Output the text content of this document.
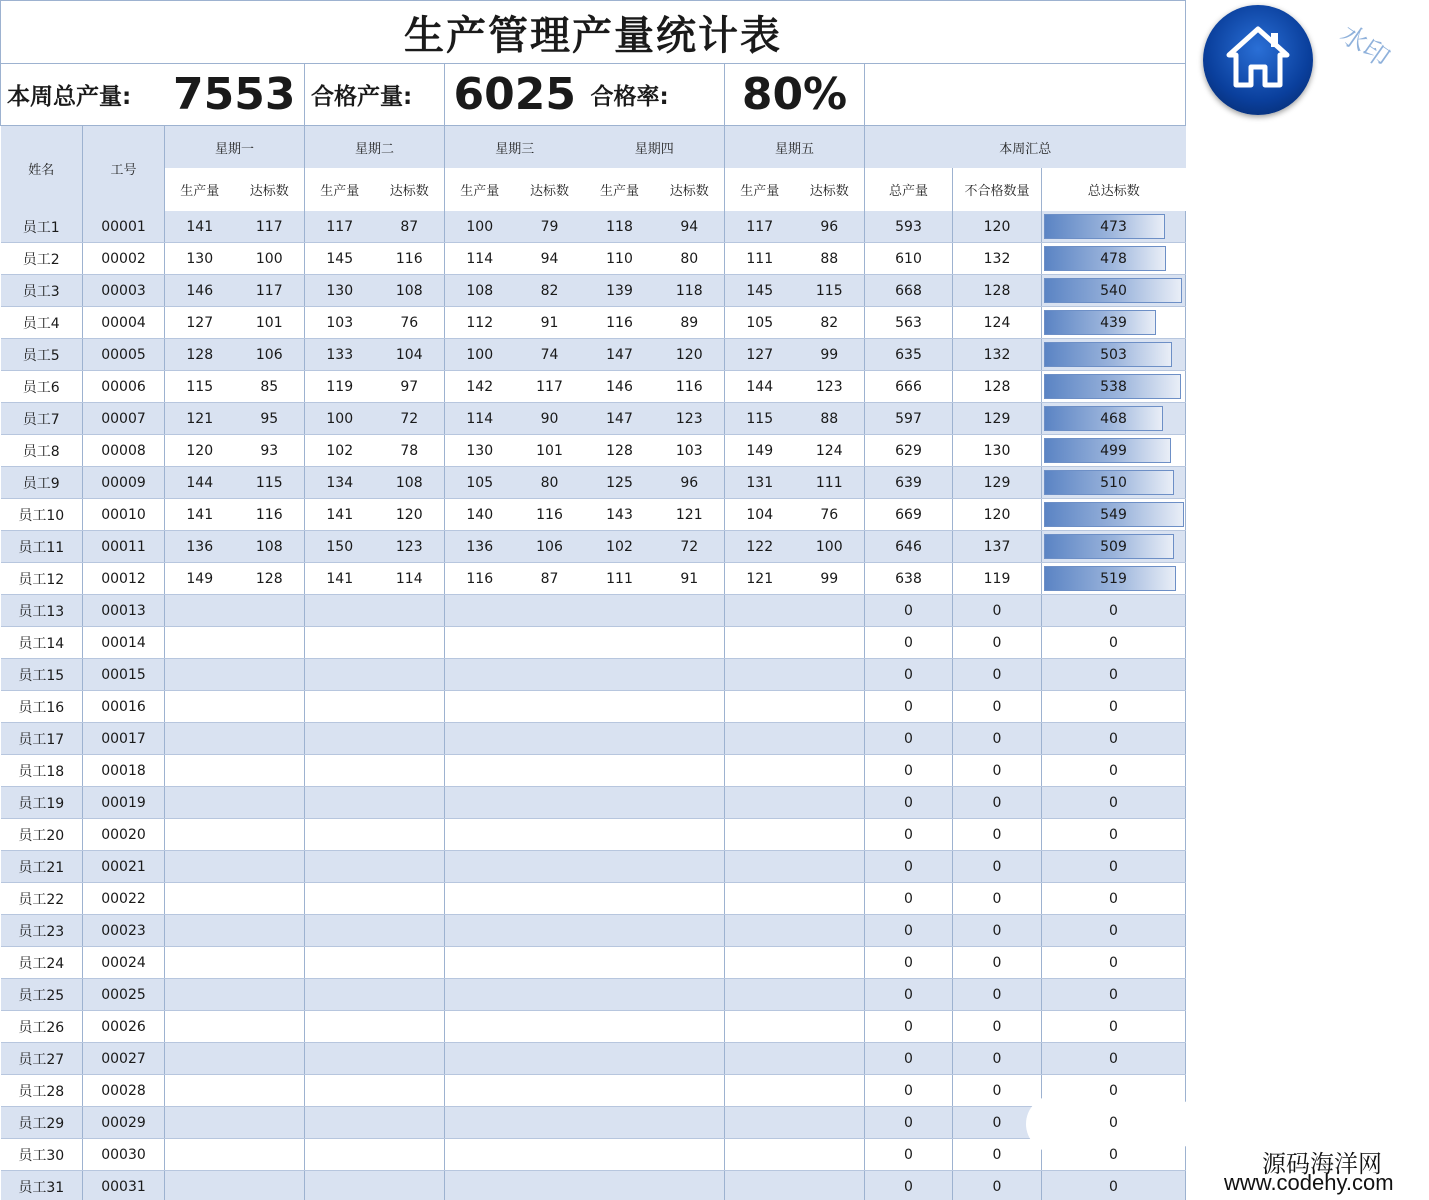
生产管理产量统计表														
本周总产量:		7553		合格产量:		6025		合格率:		80%				
姓名	工号	星期一		星期二		星期三		星期四		星期五		本周汇总		
		生产量	达标数	生产量	达标数	生产量	达标数	生产量	达标数	生产量	达标数	总产量	不合格数量	总达标数
员工1	00001	141	117	117	87	100	79	118	94	117	96	593	120	473
员工2	00002	130	100	145	116	114	94	110	80	111	88	610	132	478
员工3	00003	146	117	130	108	108	82	139	118	145	115	668	128	540
员工4	00004	127	101	103	76	112	91	116	89	105	82	563	124	439
员工5	00005	128	106	133	104	100	74	147	120	127	99	635	132	503
员工6	00006	115	85	119	97	142	117	146	116	144	123	666	128	538
员工7	00007	121	95	100	72	114	90	147	123	115	88	597	129	468
员工8	00008	120	93	102	78	130	101	128	103	149	124	629	130	499
员工9	00009	144	115	134	108	105	80	125	96	131	111	639	129	510
员工10	00010	141	116	141	120	140	116	143	121	104	76	669	120	549
员工11	00011	136	108	150	123	136	106	102	72	122	100	646	137	509
员工12	00012	149	128	141	114	116	87	111	91	121	99	638	119	519
员工13	00013											0	0	0
员工14	00014											0	0	0
员工15	00015											0	0	0
员工16	00016											0	0	0
员工17	00017											0	0	0
员工18	00018											0	0	0
员工19	00019											0	0	0
员工20	00020											0	0	0
员工21	00021											0	0	0
员工22	00022											0	0	0
员工23	00023											0	0	0
员工24	00024											0	0	0
员工25	00025											0	0	0
员工26	00026											0	0	0
员工27	00027											0	0	0
员工28	00028											0	0	0
员工29	00029											0	0	0
员工30	00030											0	0	0
员工31	00031											0	0	0
水印
源码海洋网
www.codehy.com
